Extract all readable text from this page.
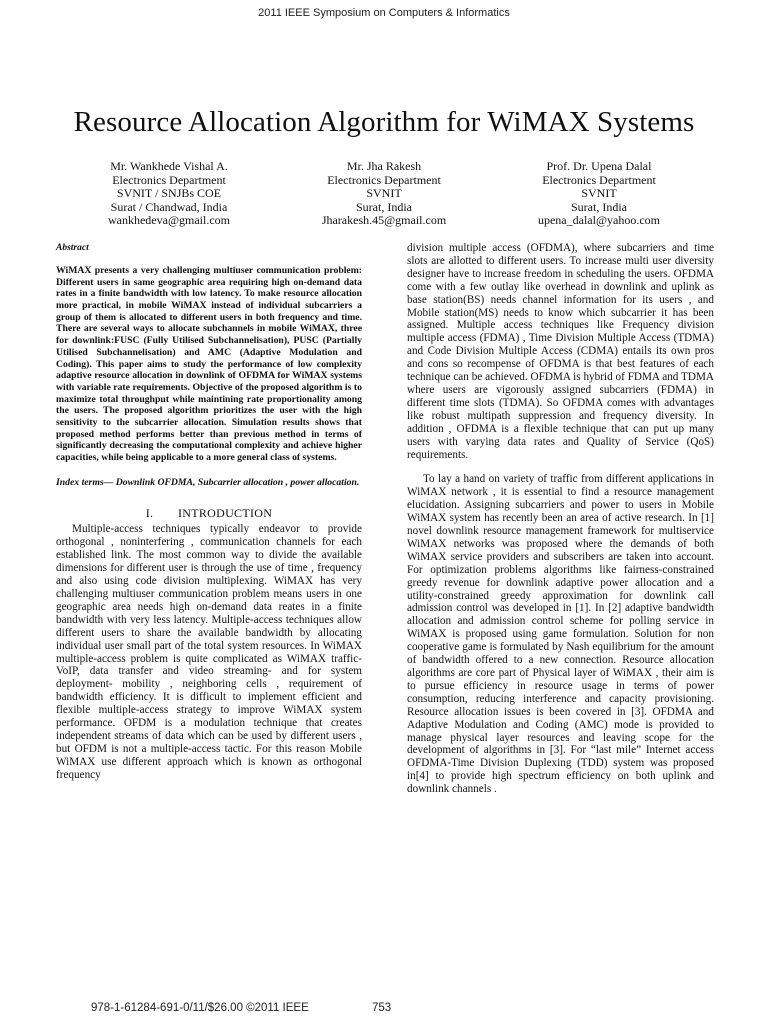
2011 IEEE Symposium on Computers & Informatics
Resource Allocation Algorithm for WiMAX Systems
Mr. Wankhede Vishal A.
Electronics Department
SVNIT / SNJBs COE
Surat / Chandwad, India
wankhedeva@gmail.com
Mr. Jha Rakesh
Electronics Department
SVNIT
Surat, India
Jharakesh.45@gmail.com
Prof. Dr. Upena Dalal
Electronics Department
SVNIT
Surat, India
upena_dalal@yahoo.com
Abstract
WiMAX presents a very challenging multiuser communication problem: Different users in same geographic area requiring high on-demand data rates in a finite bandwidth with low latency. To make resource allocation more practical, in mobile WiMAX instead of individual subcarriers a group of them is allocated to different users in both frequency and time. There are several ways to allocate subchannels in mobile WiMAX, three for downlink:FUSC (Fully Utilised Subchannelisation), PUSC (Partially Utilised Subchannelisation) and AMC (Adaptive Modulation and Coding). This paper aims to study the performance of low complexity adaptive resource allocation in downlink of OFDMA for WiMAX systems with variable rate requirements. Objective of the proposed algorithm is to maximize total throughput while maintining rate proportionality among the users. The proposed algorithm prioritizes the user with the high sensitivity to the subcarrier allocation. Simulation results shows that proposed method performs better than previous method in terms of significantly decreasing the computational complexity and achieve higher capacities, while being applicable to a more general class of systems.
Index terms— Downlink OFDMA, Subcarrier allocation , power allocation.
I.  INTRODUCTION

Multiple-access techniques typically endeavor to provide orthogonal , noninterfering , communication channels for each established link. The most common way to divide the available dimensions for different user is through the use of time , frequency and also using code division multiplexing. WiMAX has very challenging multiuser communication problem means users in one geographic area needs high on-demand data reates in a finite bandwidth with very less latency. Multiple-access techniques allow different users to share the available bandwidth by allocating individual user small part of the total system resources. In WiMAX multiple-access problem is quite complicated as WiMAX traffic- VoIP, data transfer and video streaming- and for system deployment- mobility , neighboring cells , requirement of bandwidth efficiency. It is difficult to implement efficient and flexible multiple-access strategy to improve WiMAX system performance. OFDM is a modulation technique that creates independent streams of data which can be used by different users , but OFDM is not a multiple-access tactic. For this reason Mobile WiMAX use different approach which is known as orthogonal frequency

division multiple access (OFDMA), where subcarriers and time slots are allotted to different users. To increase multi user diversity designer have to increase freedom in scheduling the users. OFDMA come with a few outlay like overhead in downlink and uplink as base station(BS) needs channel information for its users , and Mobile station(MS) needs to know which subcarrier it has been assigned. Multiple access techniques like Frequency division multiple access (FDMA) , Time Division Multiple Access (TDMA) and Code Division Multiple Access (CDMA) entails its own pros and cons so recompense of OFDMA is that best features of each technique can be achieved. OFDMA is hybrid of FDMA and TDMA where users are vigorously assigned subcarriers (FDMA) in different time slots (TDMA). So OFDMA comes with advantages like robust multipath suppression and frequency diversity. In addition , OFDMA is a flexible technique that can put up many users with varying data rates and Quality of Service (QoS) requirements.

To lay a hand on variety of traffic from different applications in WiMAX network , it is essential to find a resource management elucidation. Assigning subcarriers and power to users in Mobile WiMAX system has recently been an area of active research. In [1] novel downlink resource management framework for multiservice WiMAX networks was proposed where the demands of both WiMAX service providers and subscribers are taken into account. For optimization problems algorithms like fairness-constrained greedy revenue for downlink adaptive power allocation and a utility-constrained greedy approximation for downlink call admission control was developed in [1]. In [2] adaptive bandwidth allocation and admission control scheme for polling service in WiMAX is proposed using game formulation. Solution for non cooperative game is formulated by Nash equilibrium for the amount of bandwidth offered to a new connection. Resource allocation algorithms are core part of Physical layer of WiMAX , their aim is to pursue efficiency in resource usage in terms of power consumption, reducing interference and capacity provisioning. Resource allocation issues is been covered in [3]. OFDMA and Adaptive Modulation and Coding (AMC) mode is provided to manage physical layer resources and leaving scope for the development of algorithms in [3]. For “last mile” Internet access OFDMA-Time Division Duplexing (TDD) system was proposed in[4] to provide high spectrum efficiency on both uplink and downlink channels .

978-1-61284-691-0/11/$26.00 ©2011 IEEE	753
